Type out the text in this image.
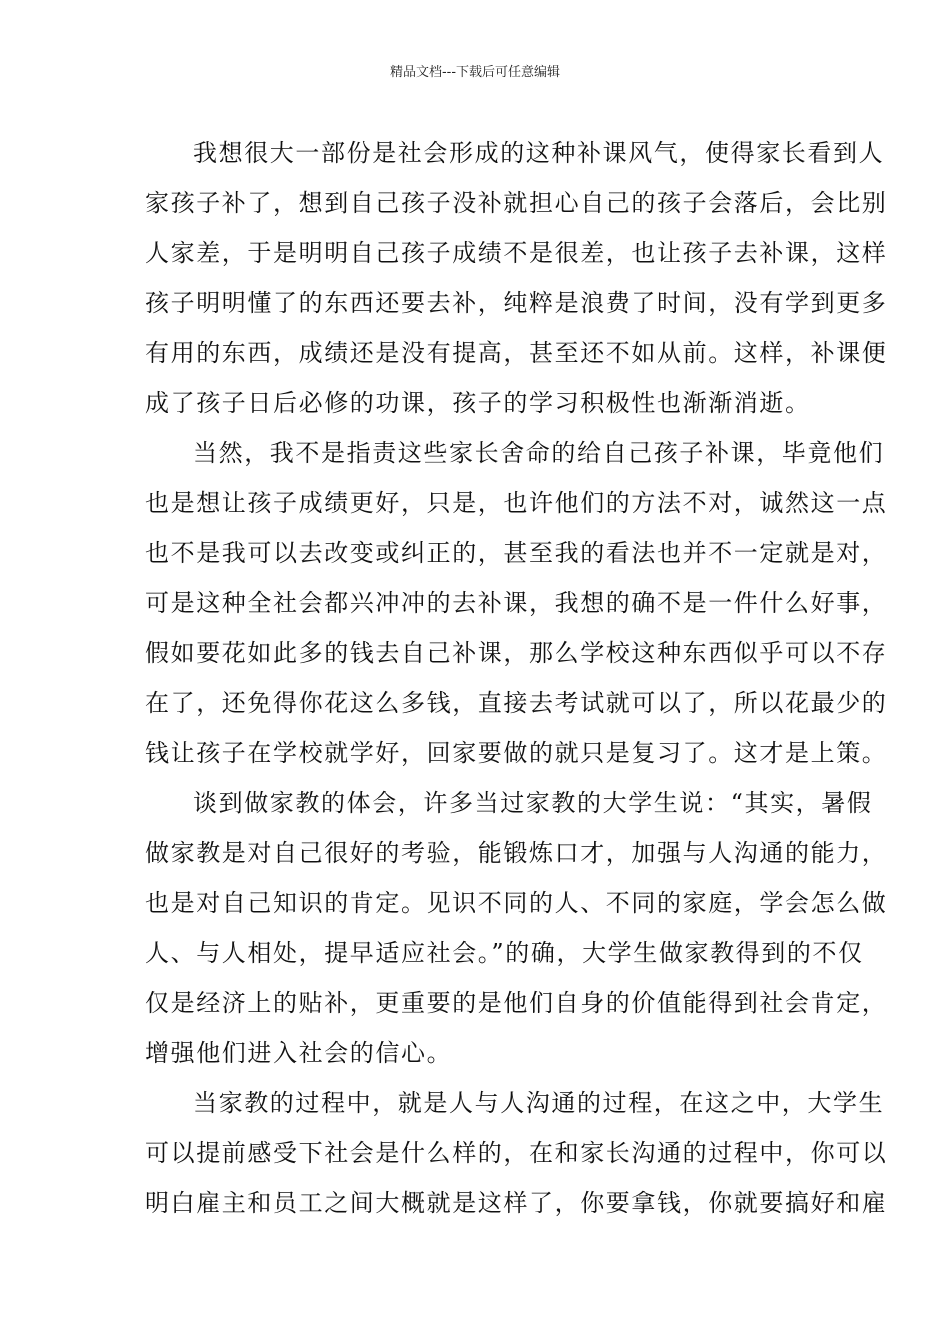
精品文档---下载后可任意编辑
我想很大一部份是社会形成的这种补课风气，使得家长看到人
家孩子补了，想到自己孩子没补就担心自己的孩子会落后，会比别
人家差，于是明明自己孩子成绩不是很差，也让孩子去补课，这样
孩子明明懂了的东西还要去补，纯粹是浪费了时间，没有学到更多
有用的东西，成绩还是没有提高，甚至还不如从前。这样，补课便
成了孩子日后必修的功课，孩子的学习积极性也渐渐消逝。
当然，我不是指责这些家长舍命的给自己孩子补课，毕竟他们
也是想让孩子成绩更好，只是，也许他们的方法不对，诚然这一点
也不是我可以去改变或纠正的，甚至我的看法也并不一定就是对，
可是这种全社会都兴冲冲的去补课，我想的确不是一件什么好事，
假如要花如此多的钱去自己补课，那么学校这种东西似乎可以不存
在了，还免得你花这么多钱，直接去考试就可以了，所以花最少的
钱让孩子在学校就学好，回家要做的就只是复习了。这才是上策。
谈到做家教的体会，许多当过家教的大学生说：“其实，暑假
做家教是对自己很好的考验，能锻炼口才，加强与人沟通的能力，
也是对自己知识的肯定。见识不同的人、不同的家庭，学会怎么做
人、与人相处，提早适应社会。”的确，大学生做家教得到的不仅
仅是经济上的贴补，更重要的是他们自身的价值能得到社会肯定，
增强他们进入社会的信心。
当家教的过程中，就是人与人沟通的过程，在这之中，大学生
可以提前感受下社会是什么样的，在和家长沟通的过程中，你可以
明白雇主和员工之间大概就是这样了，你要拿钱，你就要搞好和雇
